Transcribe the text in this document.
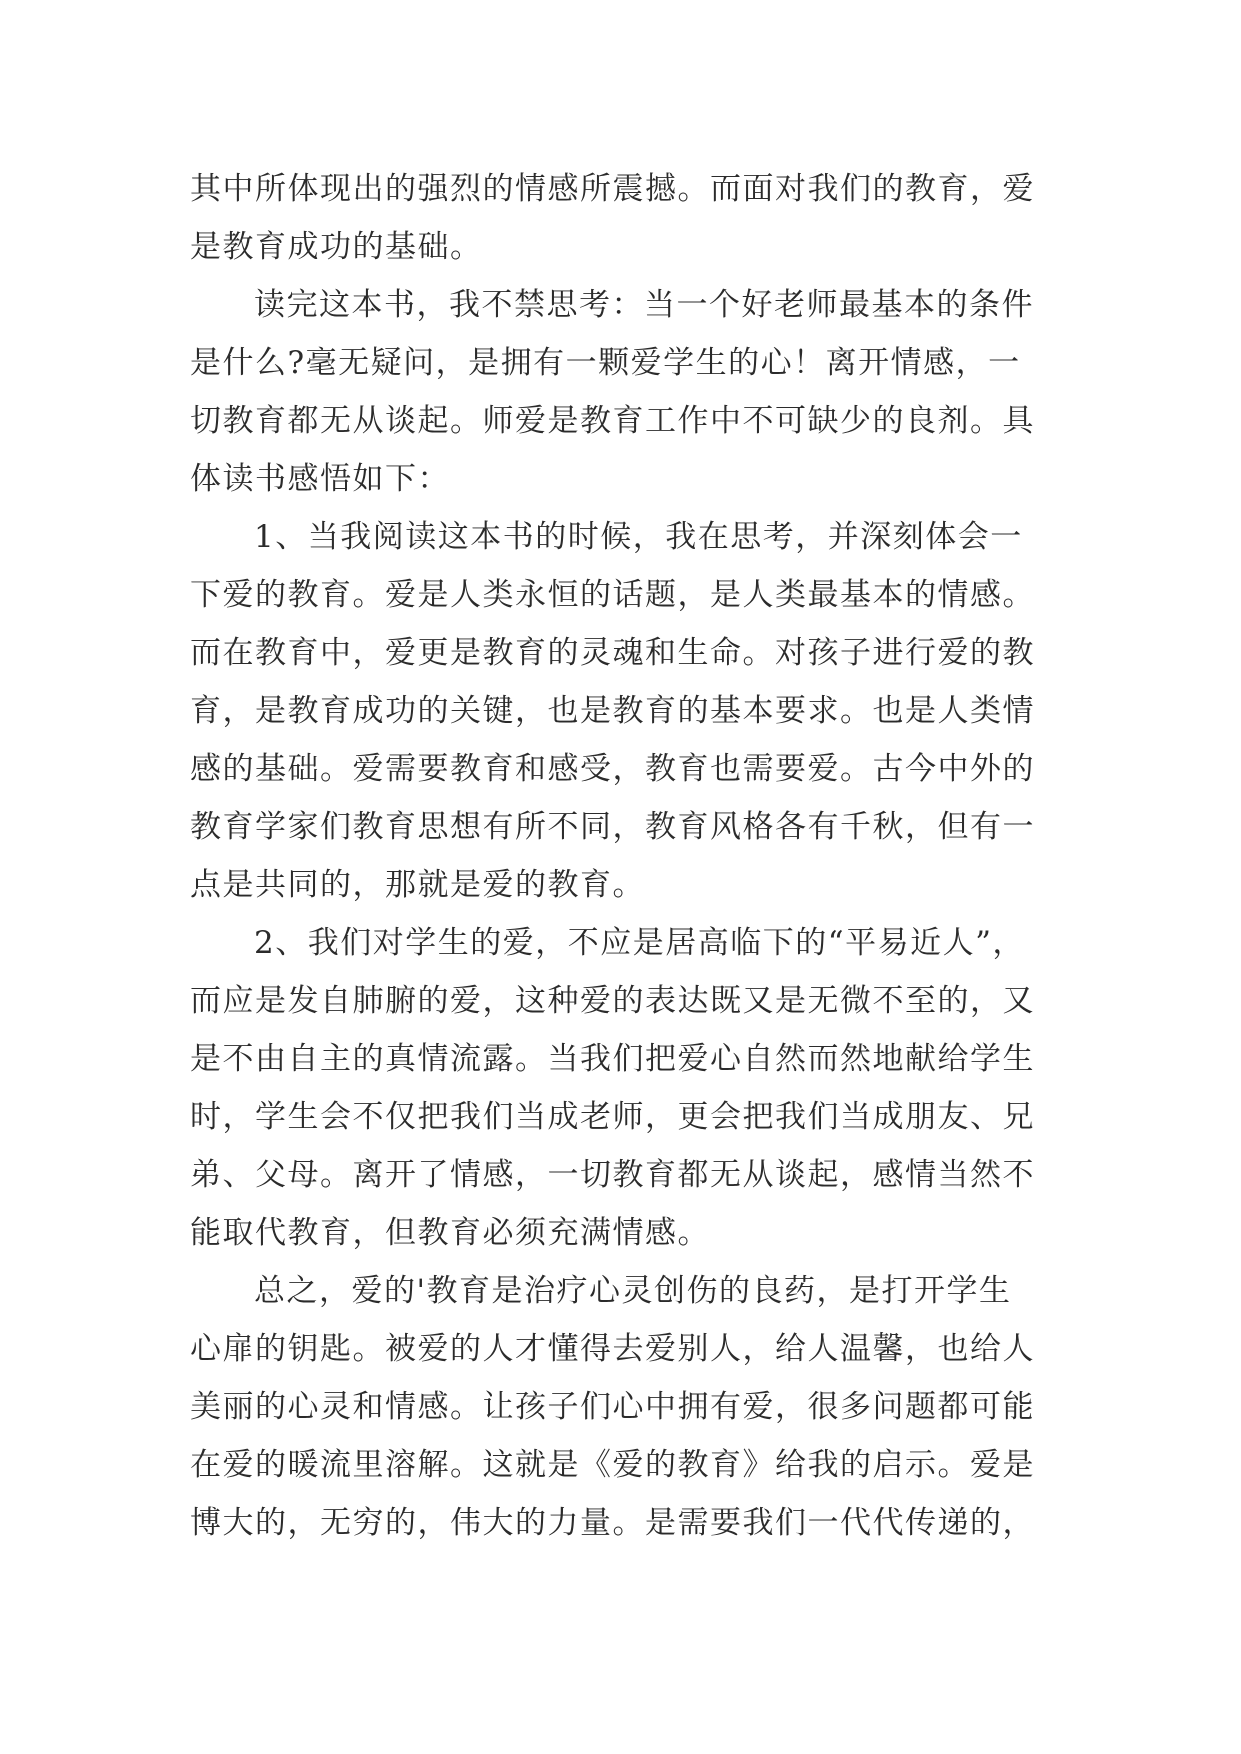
其中所体现出的强烈的情感所震撼。而面对我们的教育，爱
是教育成功的基础。
读完这本书，我不禁思考：当一个好老师最基本的条件
是什么?毫无疑问，是拥有一颗爱学生的心！离开情感，一
切教育都无从谈起。师爱是教育工作中不可缺少的良剂。具
体读书感悟如下：
1、当我阅读这本书的时候，我在思考，并深刻体会一
下爱的教育。爱是人类永恒的话题，是人类最基本的情感。
而在教育中，爱更是教育的灵魂和生命。对孩子进行爱的教
育，是教育成功的关键，也是教育的基本要求。也是人类情
感的基础。爱需要教育和感受，教育也需要爱。古今中外的
教育学家们教育思想有所不同，教育风格各有千秋，但有一
点是共同的，那就是爱的教育。
2、我们对学生的爱，不应是居高临下的“平易近人”，
而应是发自肺腑的爱，这种爱的表达既又是无微不至的，又
是不由自主的真情流露。当我们把爱心自然而然地献给学生
时，学生会不仅把我们当成老师，更会把我们当成朋友、兄
弟、父母。离开了情感，一切教育都无从谈起，感情当然不
能取代教育，但教育必须充满情感。
总之，爱的'教育是治疗心灵创伤的良药，是打开学生
心扉的钥匙。被爱的人才懂得去爱别人，给人温馨，也给人
美丽的心灵和情感。让孩子们心中拥有爱，很多问题都可能
在爱的暖流里溶解。这就是《爱的教育》给我的启示。爱是
博大的，无穷的，伟大的力量。是需要我们一代代传递的，
